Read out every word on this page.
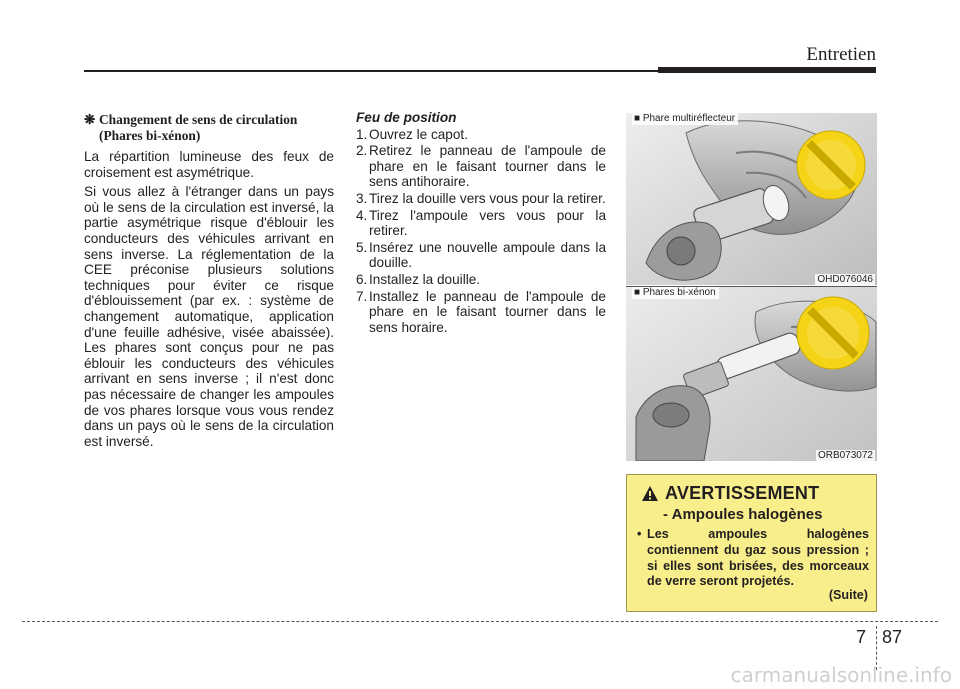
Entretien
❋ Changement de sens de circulation
(Phares bi-xénon)

La répartition lumineuse des feux de croisement est asymétrique.

Si vous allez à l'étranger dans un pays où le sens de la circulation est inversé, la partie asymétrique risque d'éblouir les conducteurs des véhicules arrivant en sens inverse. La réglementation de la CEE préconise plusieurs solutions techniques pour éviter ce risque d'éblouissement (par ex. : système de changement automatique, application d'une feuille adhésive, visée abaissée). Les phares sont conçus pour ne pas éblouir les conducteurs des véhicules arrivant en sens inverse ; il n'est donc pas nécessaire de changer les ampoules de vos phares lorsque vous vous rendez dans un pays où le sens de la circulation est inversé.

Feu de position
1. Ouvrez le capot.
2. Retirez le panneau de l'ampoule de phare en le faisant tourner dans le sens antihoraire.
3. Tirez la douille vers vous pour la retirer.
4. Tirez l'ampoule vers vous pour la retirer.
5. Insérez une nouvelle ampoule dans la douille.
6. Installez la douille.
7. Installez le panneau de l'ampoule de phare en le faisant tourner dans le sens horaire.
■ Phare multiréflecteur
OHD076046
■ Phares bi-xénon
ORB073072
AVERTISSEMENT
- Ampoules halogènes
• Les ampoules halogènes contiennent du gaz sous pression ; si elles sont brisées, des morceaux de verre seront projetés.
(Suite)
7 87
carmanualsonline.info
